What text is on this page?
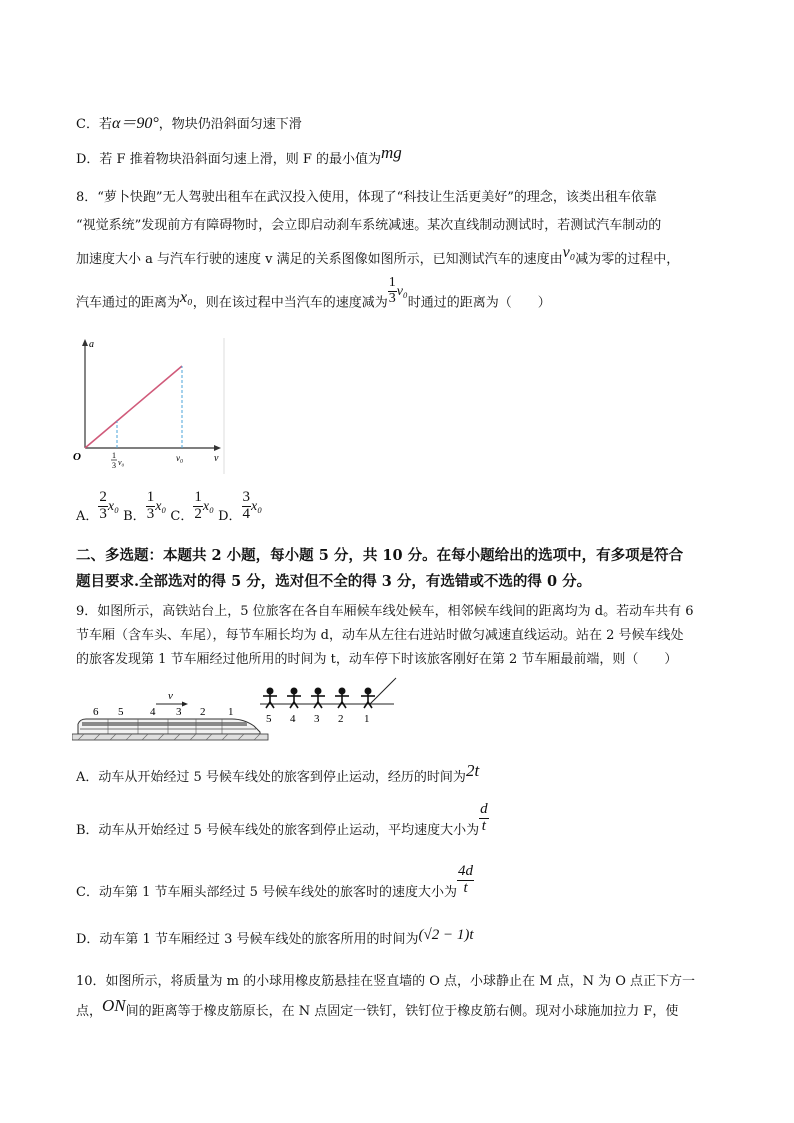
C．若α＝90°，物块仍沿斜面匀速下滑
D．若 F 推着物块沿斜面匀速上滑，则 F 的最小值为mg
8．“萝卜快跑”无人驾驶出租车在武汉投入使用，体现了“科技让生活更美好”的理念，该类出租车依靠
“视觉系统”发现前方有障碍物时，会立即启动刹车系统减速。某次直线制动测试时，若测试汽车制动的
加速度大小 a 与汽车行驶的速度 v 满足的关系图像如图所示，已知测试汽车的速度由v₀减为零的过程中，
汽车通过的距离为x₀，则在该过程中当汽车的速度减为 $\frac{1}{3} v_0$时通过的距离为（　　）
a
v
O	v₀
1
3 v₀
A． $\frac{2}{3} x_0$ B． $\frac{1}{3} x_0$ C． $\frac{1}{2} x_0$ D． $\frac{3}{4} x_0$
二、多选题：本题共 2 小题，每小题 5 分，共 10 分。在每小题给出的选项中，有多项是符合
题目要求.全部选对的得 5 分，选对但不全的得 3 分，有选错或不选的得 0 分。
9．如图所示，高铁站台上，5 位旅客在各自车厢候车线处候车，相邻候车线间的距离均为 d。若动车共有 6
节车厢（含车头、车尾），每节车厢长均为 d，动车从左往右进站时做匀减速直线运动。站在 2 号候车线处
的旅客发现第 1 节车厢经过他所用的时间为 t，动车停下时该旅客刚好在第 2 节车厢最前端，则（　　）
6 5 4 3 2 1
v
5 4 3 2 1
A．动车从开始经过 5 号候车线处的旅客到停止运动，经历的时间为2t
B．动车从开始经过 5 号候车线处的旅客到停止运动，平均速度大小为 $\frac{d}{t}$
C．动车第 1 节车厢头部经过 5 号候车线处的旅客时的速度大小为 $\frac{4d}{t}$
D．动车第 1 节车厢经过 3 号候车线处的旅客所用的时间为(√2 − 1)t
10．如图所示，将质量为 m 的小球用橡皮筋悬挂在竖直墙的 O 点，小球静止在 M 点，N 为 O 点正下方一
点，ON间的距离等于橡皮筋原长，在 N 点固定一铁钉，铁钉位于橡皮筋右侧。现对小球施加拉力 F，使
